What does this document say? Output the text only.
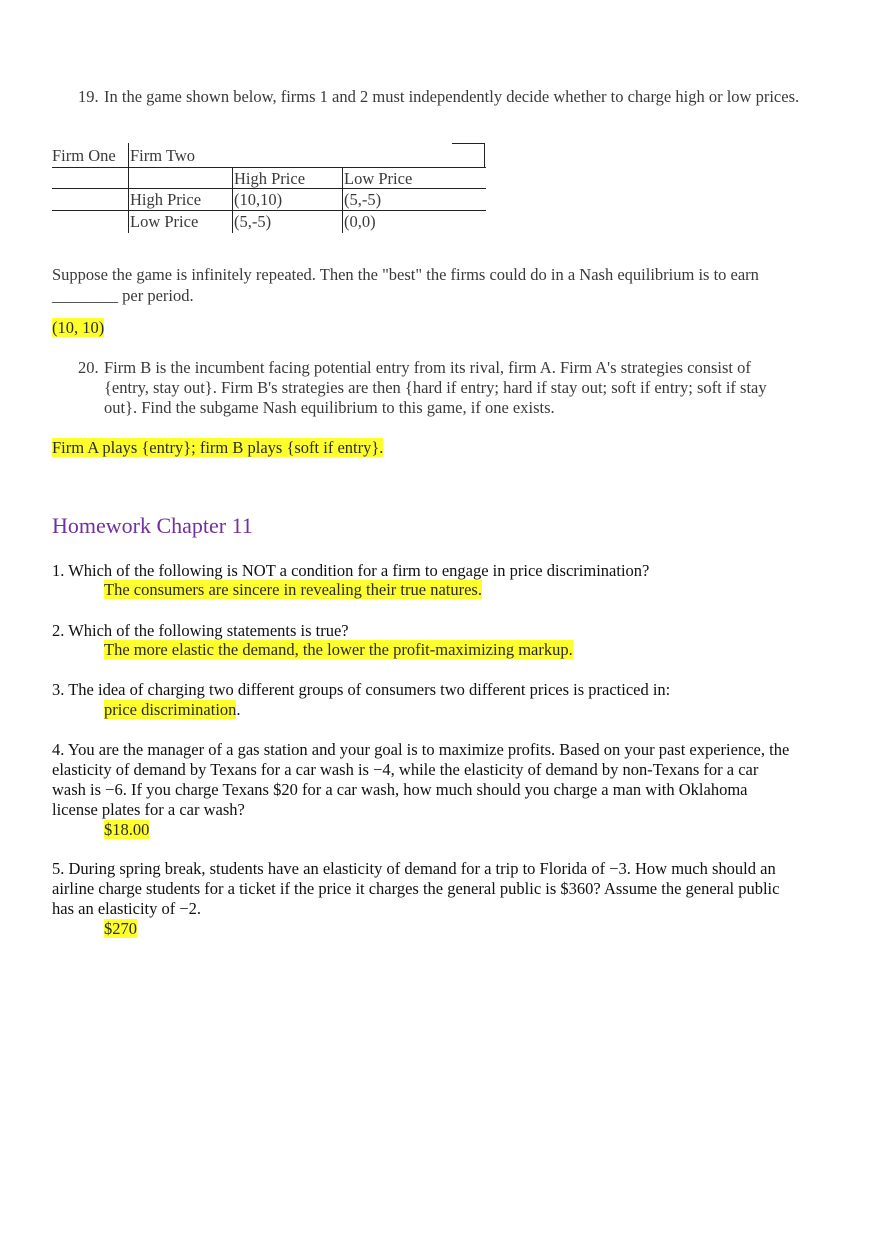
19. In the game shown below, firms 1 and 2 must independently decide whether to charge high or low prices.
Firm One Firm Two
High Price Low Price
High Price (10,10)	(5,-5)
Low Price (5,-5)	(0,0)
Suppose the game is infinitely repeated. Then the "best" the firms could do in a Nash equilibrium is to earn
________ per period.
(10, 10)
20. Firm B is the incumbent facing potential entry from its rival, firm A. Firm A's strategies consist of
{entry, stay out}. Firm B's strategies are then {hard if entry; hard if stay out; soft if entry; soft if stay
out}. Find the subgame Nash equilibrium to this game, if one exists.
Firm A plays {entry}; firm B plays {soft if entry}.
Homework Chapter 11
1. Which of the following is NOT a condition for a firm to engage in price discrimination?
The consumers are sincere in revealing their true natures.
2. Which of the following statements is true?
The more elastic the demand, the lower the profit-maximizing markup.
3. The idea of charging two different groups of consumers two different prices is practiced in:
price discrimination.
4. You are the manager of a gas station and your goal is to maximize profits. Based on your past experience, the
elasticity of demand by Texans for a car wash is −4, while the elasticity of demand by non-Texans for a car
wash is −6. If you charge Texans $20 for a car wash, how much should you charge a man with Oklahoma
license plates for a car wash?
$18.00
5. During spring break, students have an elasticity of demand for a trip to Florida of −3. How much should an
airline charge students for a ticket if the price it charges the general public is $360? Assume the general public
has an elasticity of −2.
$270
